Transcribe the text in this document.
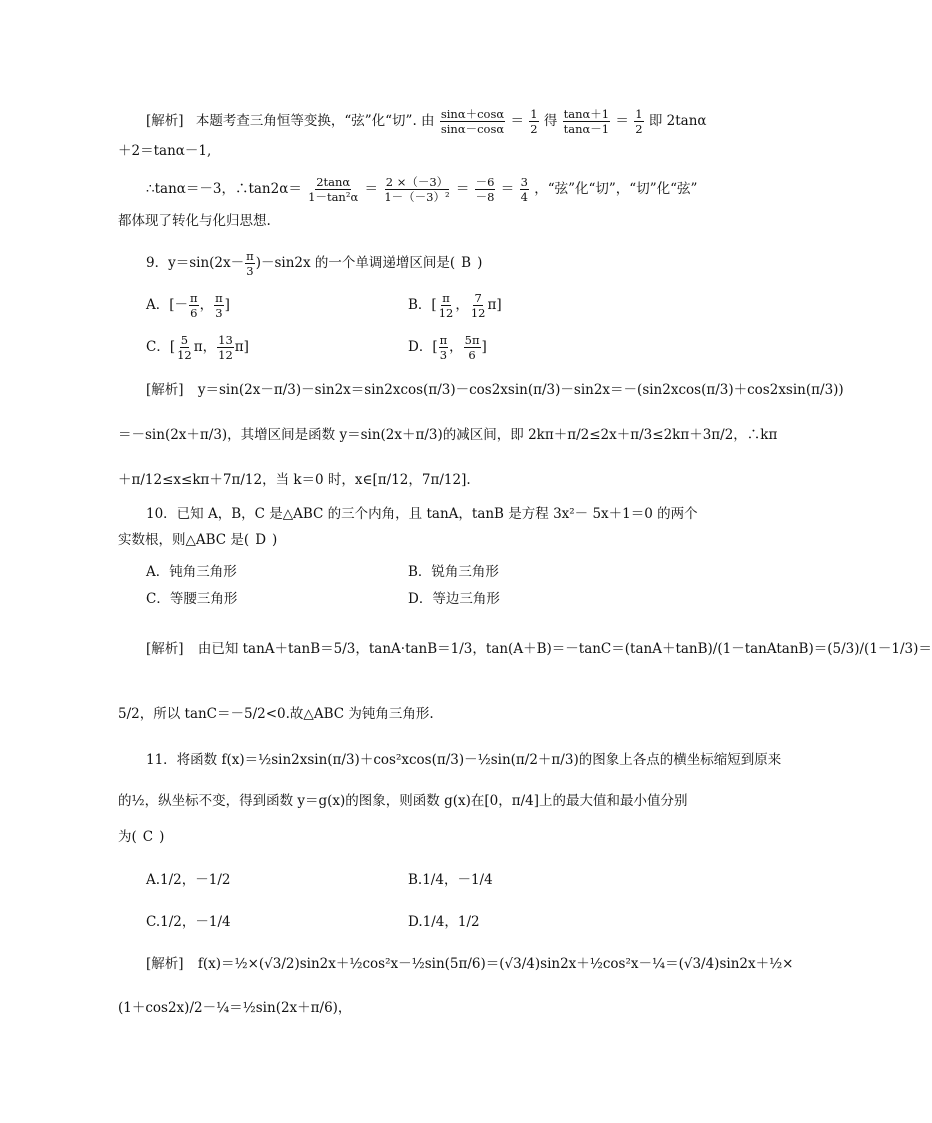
[解析] 本题考查三角恒等变换，“弦”化“切”. 由 $\frac{\sin\alpha+\cos\alpha}{\sin\alpha-\cos\alpha} = \frac{1}{2}$ 得 $\frac{\tan\alpha+1}{\tan\alpha-1} = \frac{1}{2}$ 即 2tanα
＋2＝tanα－1,
∴tanα＝－3，∴tan2α＝ $\frac{2\tan\alpha}{\text{1－tan²α}} = \frac{2 \times(-3)}{\text{1－（－3）²}} = \frac{-6}{-8} = \frac{3}{4}$ ，“弦”化“切”，“切”化“弦”
都体现了转化与化归思想.
9．$y=\sin(2x- \frac{\pi}{3} )-\sin 2x$ 的一个单调递增区间是( B )
A．[－ $\frac{\pi}{6}$ ， $\frac{\pi}{3}$ ]	B．[ $\frac{\pi}{12}$ ， $\frac{7}{12} \pi$]
C．[ $\frac{5}{12}$ π， $\frac{13}{12} \pi$]	D．[ $\frac{\pi}{3}$ ， $\frac{5\pi}{6}$ ]
[解析] y＝sin(2x－π/3)－sin2x＝sin2xcos(π/3)－cos2xsin(π/3)－sin2x＝－(sin2xcos(π/3)＋cos2xsin(π/3))
＝－sin(2x＋π/3)，其增区间是函数 y＝sin(2x＋π/3)的减区间，即 2kπ＋π/2≤2x＋π/3≤2kπ＋3π/2，∴kπ
＋π/12≤x≤kπ＋7π/12，当 k＝0 时，x∈[π/12，7π/12].
10．已知 A，B，C 是△ABC 的三个内角，且 tanA，tanB 是方程 3x²－ 5x＋1＝0 的两个
实数根，则△ABC 是( D )
A．钝角三角形	B．锐角三角形
C．等腰三角形	D．等边三角形
[解析] 由已知 tanA＋tanB＝5/3，tanA·tanB＝1/3，tan(A＋B)＝－tanC＝(tanA＋tanB)/(1－tanAtanB)＝(5/3)/(1－1/3)＝
5/2，所以 tanC＝－5/2<0.故△ABC 为钝角三角形.
11．将函数 f(x)＝½sin2xsin(π/3)＋cos²xcos(π/3)－½sin(π/2＋π/3)的图象上各点的横坐标缩短到原来
的½，纵坐标不变，得到函数 y＝g(x)的图象，则函数 g(x)在[0，π/4]上的最大值和最小值分别
为( C )
A.1/2，－1/2	B.1/4，－1/4
C.1/2，－1/4	D.1/4，1/2
[解析] f(x)＝½×(√3/2)sin2x＋½cos²x－½sin(5π/6)＝(√3/4)sin2x＋½cos²x－¼＝(√3/4)sin2x＋½×
(1＋cos2x)/2－¼＝½sin(2x＋π/6)，
